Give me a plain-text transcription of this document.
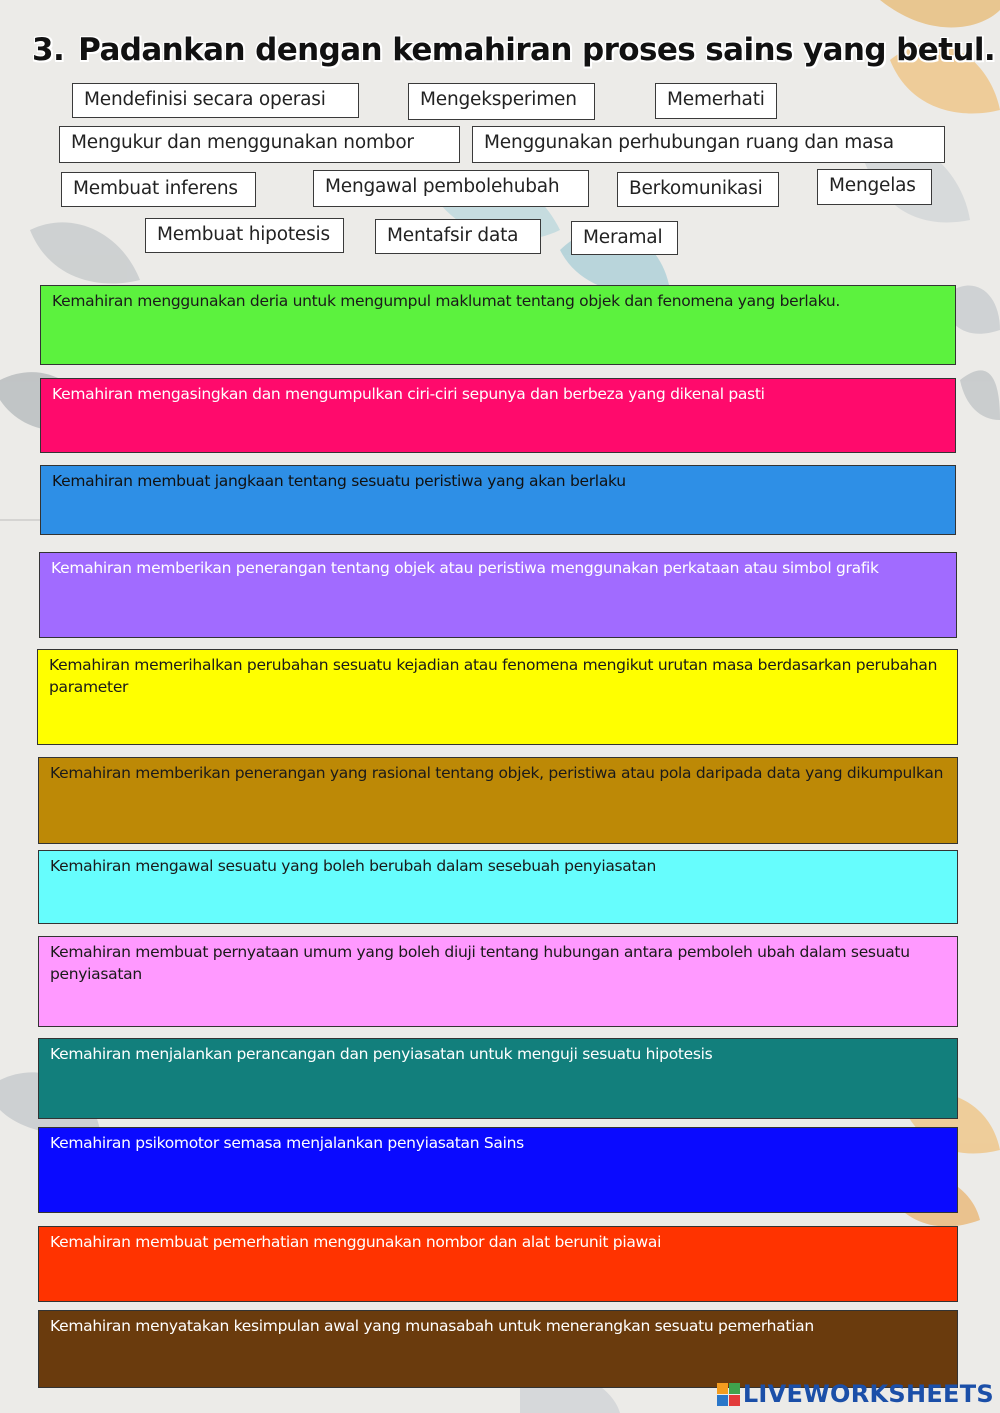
3. Padankan dengan kemahiran proses sains yang betul.
Mendefinisi secara operasi	Mengeksperimen	Memerhati
Mengukur dan menggunakan nombor	Menggunakan perhubungan ruang dan masa
Membuat inferens	Mengawal pembolehubah	Berkomunikasi	Mengelas
Membuat hipotesis	Mentafsir data	Meramal
Kemahiran menggunakan deria untuk mengumpul maklumat tentang objek dan fenomena yang berlaku.
Kemahiran mengasingkan dan mengumpulkan ciri-ciri sepunya dan berbeza yang dikenal pasti
Kemahiran membuat jangkaan tentang sesuatu peristiwa yang akan berlaku
Kemahiran memberikan penerangan tentang objek atau peristiwa menggunakan perkataan atau simbol grafik
Kemahiran memerihalkan perubahan sesuatu kejadian atau fenomena mengikut urutan masa berdasarkan perubahan parameter
Kemahiran memberikan penerangan yang rasional tentang objek, peristiwa atau pola daripada data yang dikumpulkan
Kemahiran mengawal sesuatu yang boleh berubah dalam sesebuah penyiasatan
Kemahiran membuat pernyataan umum yang boleh diuji tentang hubungan antara pemboleh ubah dalam sesuatu penyiasatan
Kemahiran menjalankan perancangan dan penyiasatan untuk menguji sesuatu hipotesis
Kemahiran psikomotor semasa menjalankan penyiasatan Sains
Kemahiran membuat pemerhatian menggunakan nombor dan alat berunit piawai
Kemahiran menyatakan kesimpulan awal yang munasabah untuk menerangkan sesuatu pemerhatian
LIVEWORKSHEETS
